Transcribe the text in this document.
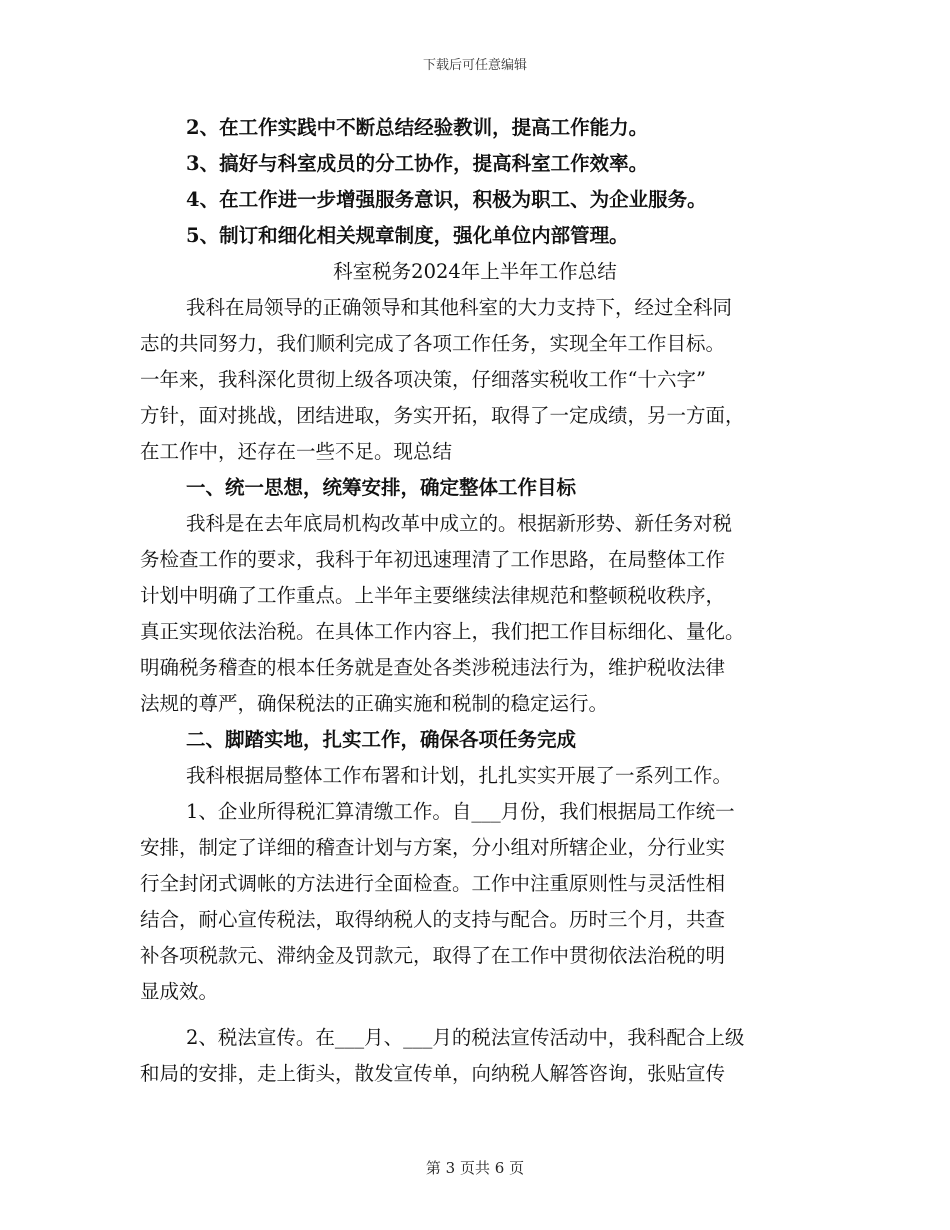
下载后可任意编辑
2、在工作实践中不断总结经验教训，提高工作能力。
3、搞好与科室成员的分工协作，提高科室工作效率。
4、在工作进一步增强服务意识，积极为职工、为企业服务。
5、制订和细化相关规章制度，强化单位内部管理。
科室税务2024年上半年工作总结
我科在局领导的正确领导和其他科室的大力支持下，经过全科同
志的共同努力，我们顺利完成了各项工作任务，实现全年工作目标。
一年来，我科深化贯彻上级各项决策，仔细落实税收工作“十六字”
方针，面对挑战，团结进取，务实开拓，取得了一定成绩，另一方面，
在工作中，还存在一些不足。现总结
一、统一思想，统筹安排，确定整体工作目标
我科是在去年底局机构改革中成立的。根据新形势、新任务对税
务检查工作的要求，我科于年初迅速理清了工作思路，在局整体工作
计划中明确了工作重点。上半年主要继续法律规范和整顿税收秩序，
真正实现依法治税。在具体工作内容上，我们把工作目标细化、量化。
明确税务稽查的根本任务就是查处各类涉税违法行为，维护税收法律
法规的尊严，确保税法的正确实施和税制的稳定运行。
二、脚踏实地，扎实工作，确保各项任务完成
我科根据局整体工作布署和计划，扎扎实实开展了一系列工作。
1、企业所得税汇算清缴工作。自___月份，我们根据局工作统一
安排，制定了详细的稽查计划与方案，分小组对所辖企业，分行业实
行全封闭式调帐的方法进行全面检查。工作中注重原则性与灵活性相
结合，耐心宣传税法，取得纳税人的支持与配合。历时三个月，共查
补各项税款元、滞纳金及罚款元，取得了在工作中贯彻依法治税的明
显成效。
2、税法宣传。在___月、___月的税法宣传活动中，我科配合上级
和局的安排，走上街头，散发宣传单，向纳税人解答咨询，张贴宣传
第 3 页共 6 页
